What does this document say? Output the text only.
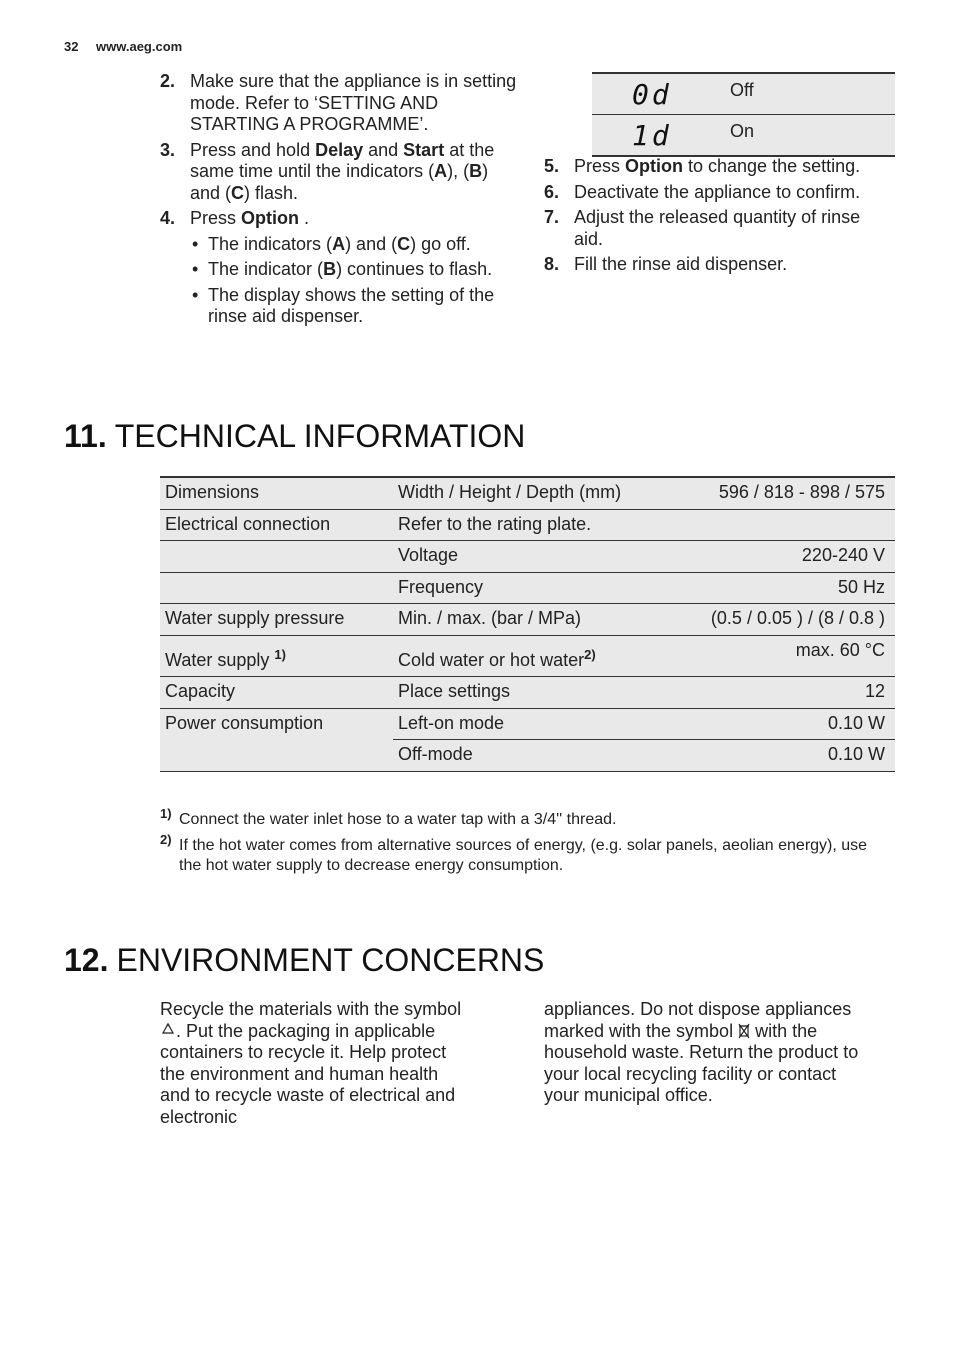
32 www.aeg.com
2. Make sure that the appliance is in setting mode. Refer to ‘SETTING AND STARTING A PROGRAMME’.
3. Press and hold Delay and Start at the same time until the indicators (A), (B) and (C) flash.
4. Press Option .
• The indicators (A) and (C) go off.
• The indicator (B) continues to flash.
• The display shows the setting of the rinse aid dispenser.
0d	Off
1d	On
5. Press Option to change the setting.
6. Deactivate the appliance to confirm.
7. Adjust the released quantity of rinse aid.
8. Fill the rinse aid dispenser.
11. TECHNICAL INFORMATION
Dimensions	Width / Height / Depth (mm)	596 / 818 - 898 / 575
Electrical connection	Refer to the rating plate.	
	Voltage	220-240 V
	Frequency	50 Hz
Water supply pressure	Min. / max. (bar / MPa)	(0.5 / 0.05 ) / (8 / 0.8 )
Water supply $^{1)}$	Cold water or hot water$^{2)}$	max. 60 °C
Capacity	Place settings	12
Power consumption	Left-on mode	0.10 W
	Off-mode	0.10 W
1) Connect the water inlet hose to a water tap with a 3/4'' thread.
2) If the hot water comes from alternative sources of energy, (e.g. solar panels, aeolian energy), use the hot water supply to decrease energy consumption.
12. ENVIRONMENT CONCERNS
Recycle the materials with the symbol . Put the packaging in applicable containers to recycle it. Help protect the environment and human health and to recycle waste of electrical and electronic
appliances. Do not dispose appliances marked with the symbol with the household waste. Return the product to your local recycling facility or contact your municipal office.
